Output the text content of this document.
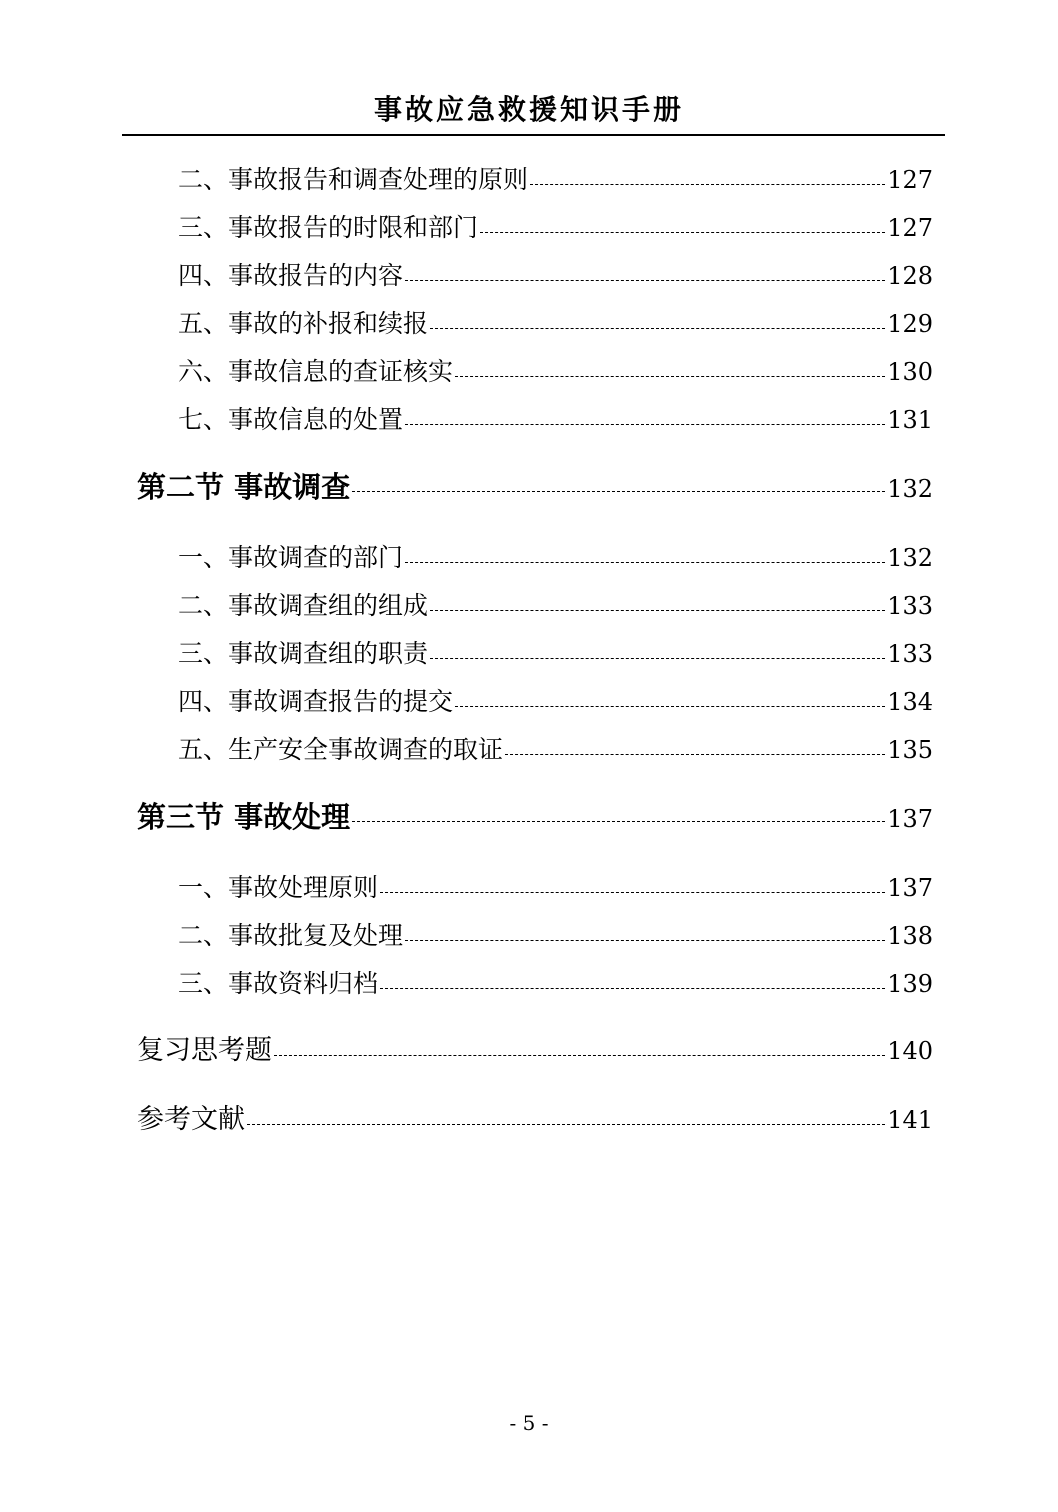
事故应急救援知识手册
二、事故报告和调查处理的原则	127
三、事故报告的时限和部门	127
四、事故报告的内容	128
五、事故的补报和续报	129
六、事故信息的查证核实	130
七、事故信息的处置	131
第二节 事故调查	132
一、事故调查的部门	132
二、事故调查组的组成	133
三、事故调查组的职责	133
四、事故调查报告的提交	134
五、生产安全事故调查的取证	135
第三节 事故处理	137
一、事故处理原则	137
二、事故批复及处理	138
三、事故资料归档	139
复习思考题	140
参考文献	141
- 5 -
